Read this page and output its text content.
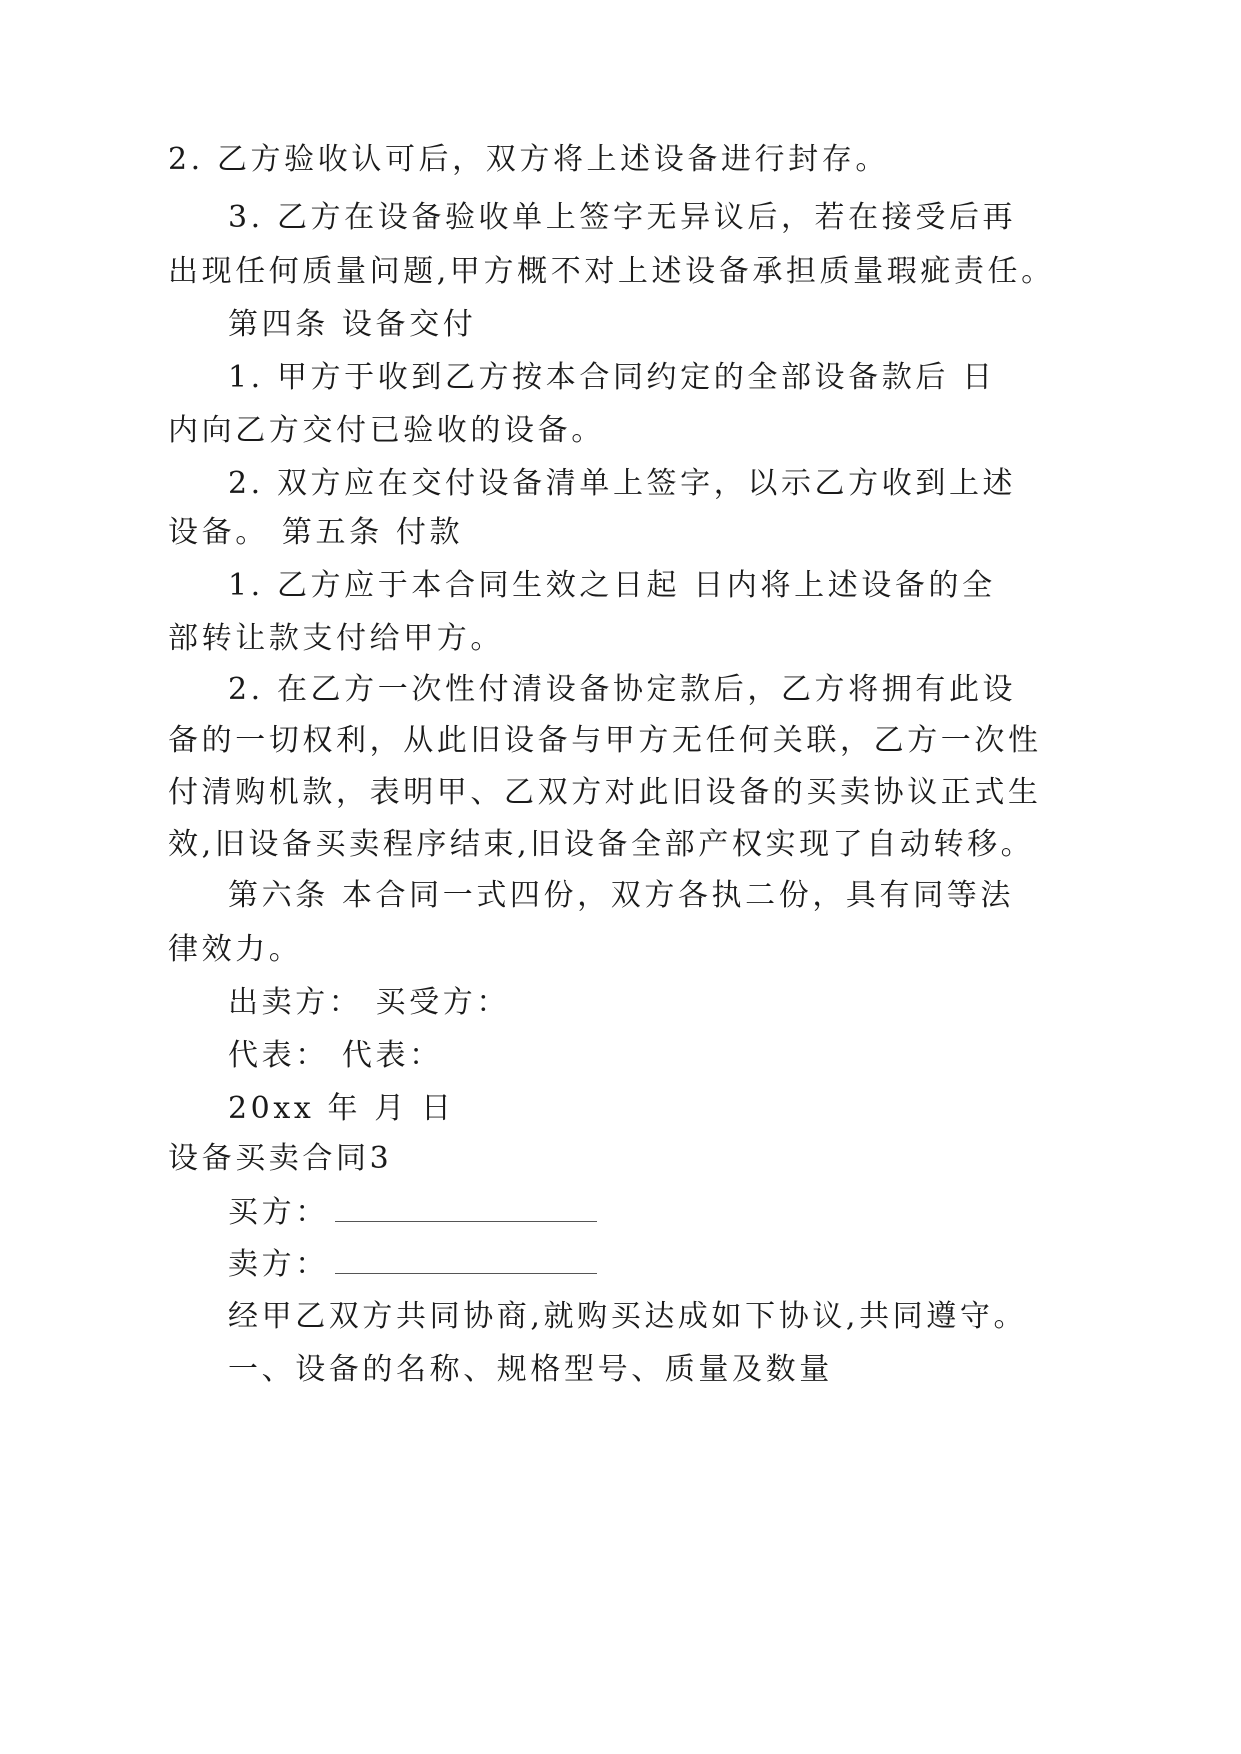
2. 乙方验收认可后，双方将上述设备进行封存。
3. 乙方在设备验收单上签字无异议后，若在接受后再
出现任何质量问题,甲方概不对上述设备承担质量瑕疵责任。
第四条 设备交付
1. 甲方于收到乙方按本合同约定的全部设备款后 日
内向乙方交付已验收的设备。
2. 双方应在交付设备清单上签字，以示乙方收到上述
设备。 第五条 付款
1. 乙方应于本合同生效之日起 日内将上述设备的全
部转让款支付给甲方。
2. 在乙方一次性付清设备协定款后，乙方将拥有此设
备的一切权利，从此旧设备与甲方无任何关联，乙方一次性
付清购机款，表明甲、乙双方对此旧设备的买卖协议正式生
效,旧设备买卖程序结束,旧设备全部产权实现了自动转移。
第六条 本合同一式四份，双方各执二份，具有同等法
律效力。
出卖方： 买受方：
代表： 代表：
20xx 年 月 日
设备买卖合同3
买方：
卖方：
经甲乙双方共同协商,就购买达成如下协议,共同遵守。
一、设备的名称、规格型号、质量及数量
